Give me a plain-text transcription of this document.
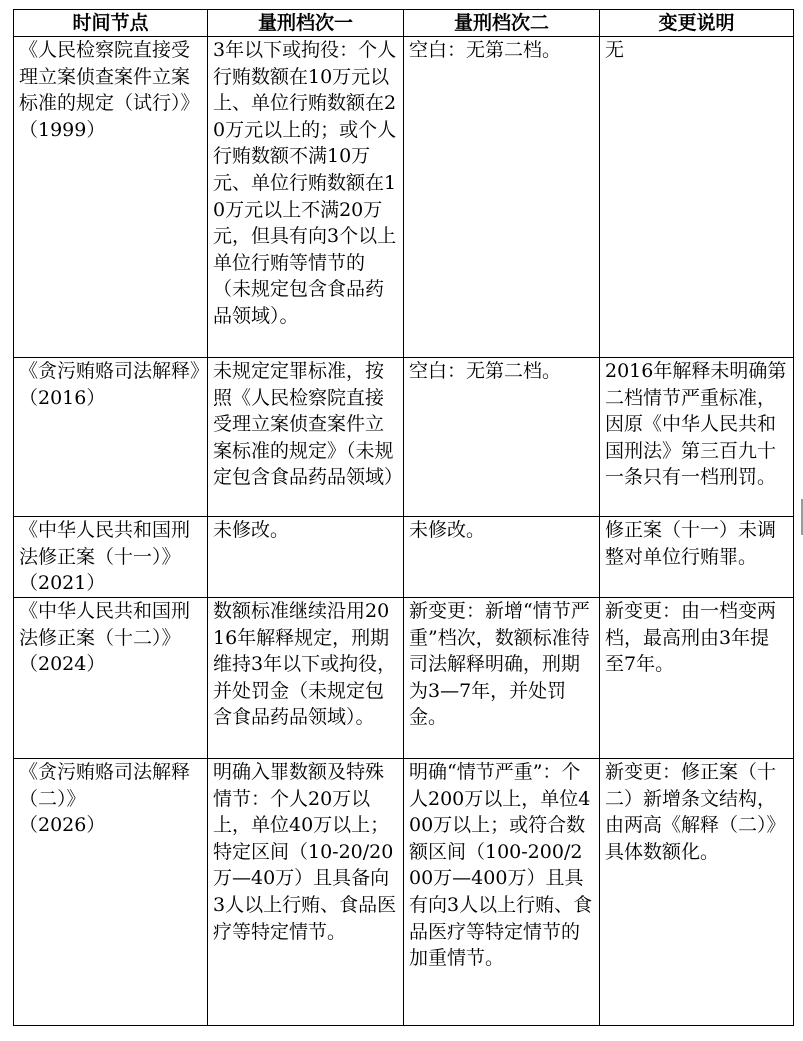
时间节点	量刑档次一	量刑档次二	变更说明

《人民检察院直接受理立案侦查案件立案标准的规定（试行）》
（1999）	3年以下或拘役：个人行贿数额在10万元以上、单位行贿数额在20万元以上的；或个人行贿数额不满10万元、单位行贿数额在10万元以上不满20万元，但具有向3个以上单位行贿等情节的（未规定包含食品药品领域）。	空白：无第二档。	无
《贪污贿赂司法解释》（2016）	未规定定罪标准，按照《人民检察院直接受理立案侦查案件立案标准的规定》（未规定包含食品药品领域）	空白：无第二档。	2016年解释未明确第二档情节严重标准，因原《中华人民共和国刑法》第三百九十一条只有一档刑罚。
《中华人民共和国刑法修正案（十一）》（2021）	未修改。	未修改。	修正案（十一）未调整对单位行贿罪。
《中华人民共和国刑法修正案（十二）》（2024）	数额标准继续沿用2016年解释规定，刑期维持3年以下或拘役，并处罚金（未规定包含食品药品领域）。	新变更：新增“情节严重”档次，数额标准待司法解释明确，刑期为3—7年，并处罚金。	新变更：由一档变两档，最高刑由3年提至7年。

《贪污贿赂司法解释（二）》
（2026）	明确入罪数额及特殊情节：个人20万以上，单位40万以上；特定区间（10-20/20万—40万）且具备向3人以上行贿、食品医疗等特定情节。	明确“情节严重”：个人200万以上，单位400万以上；或符合数额区间（100-200/200万—400万）且具有向3人以上行贿、食品医疗等特定情节的加重情节。	新变更：修正案（十二）新增条文结构，由两高《解释（二）》具体数额化。
